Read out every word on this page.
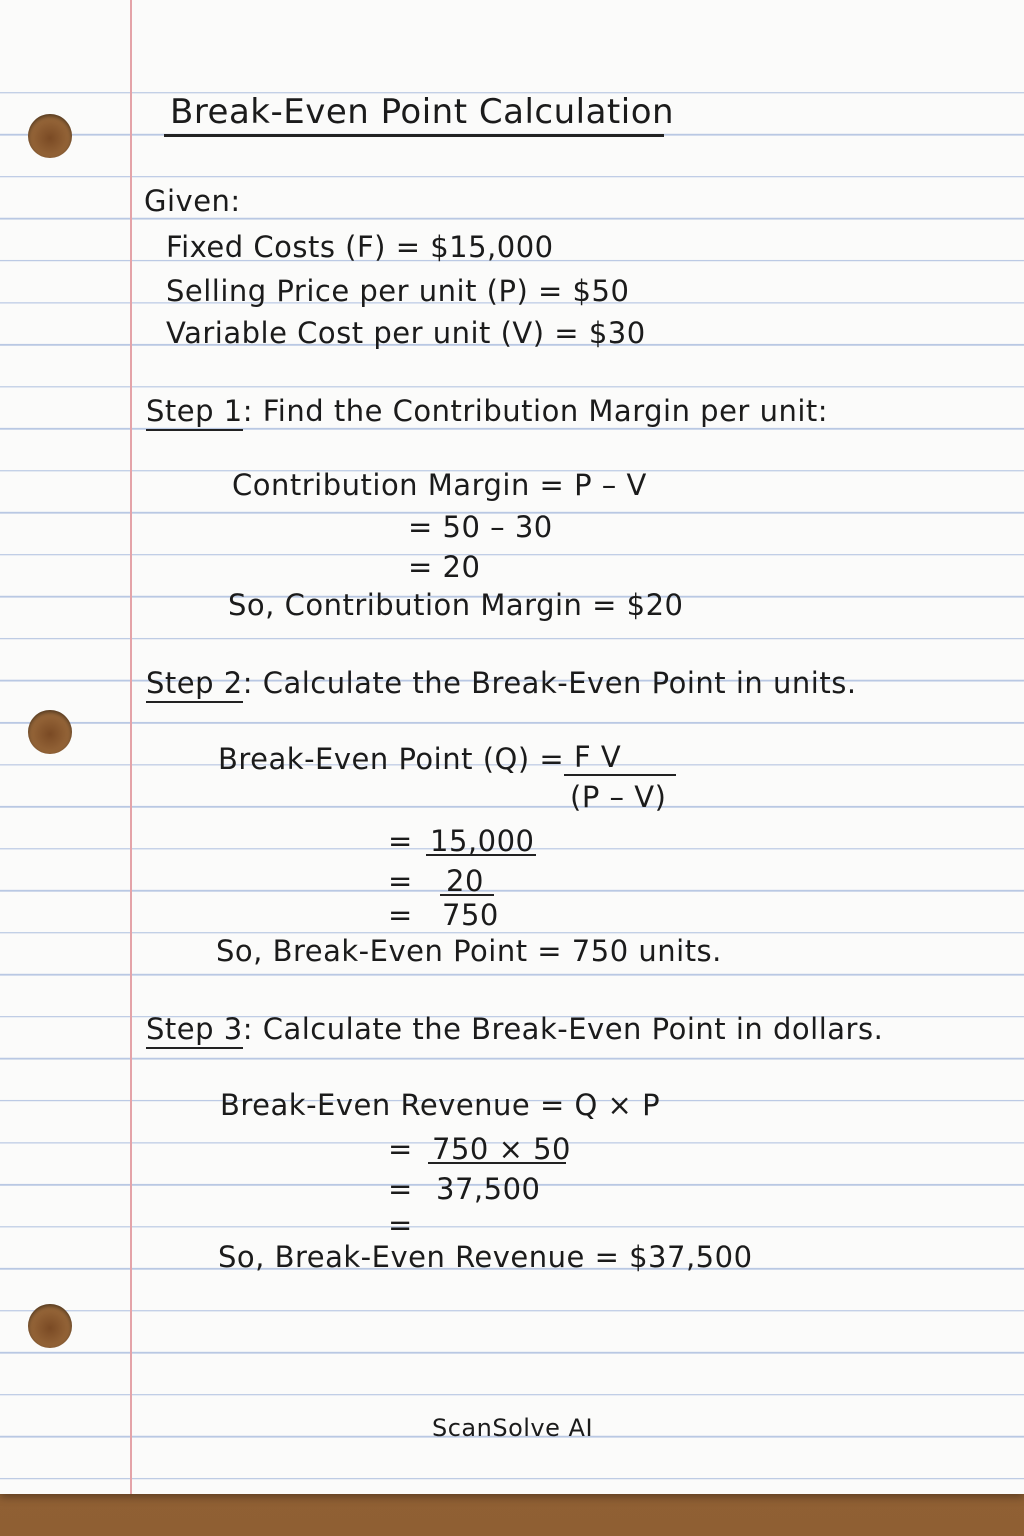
Break-Even Point Calculation
Given:
Fixed Costs (F) = $15,000
Selling Price per unit (P) = $50
Variable Cost per unit (V) = $30
Step 1: Find the Contribution Margin per unit:
Contribution Margin = P – V
= 50 – 30
= 20
So, Contribution Margin = $20
Step 2: Calculate the Break-Even Point in units.
Break-Even Point (Q) = F V
(P – V)
= 15,000
= 20
= 750
So, Break-Even Point = 750 units.
Step 3: Calculate the Break-Even Point in dollars.
Break-Even Revenue = Q × P
= 750 × 50
= 37,500
=
So, Break-Even Revenue = $37,500
ScanSolve AI
